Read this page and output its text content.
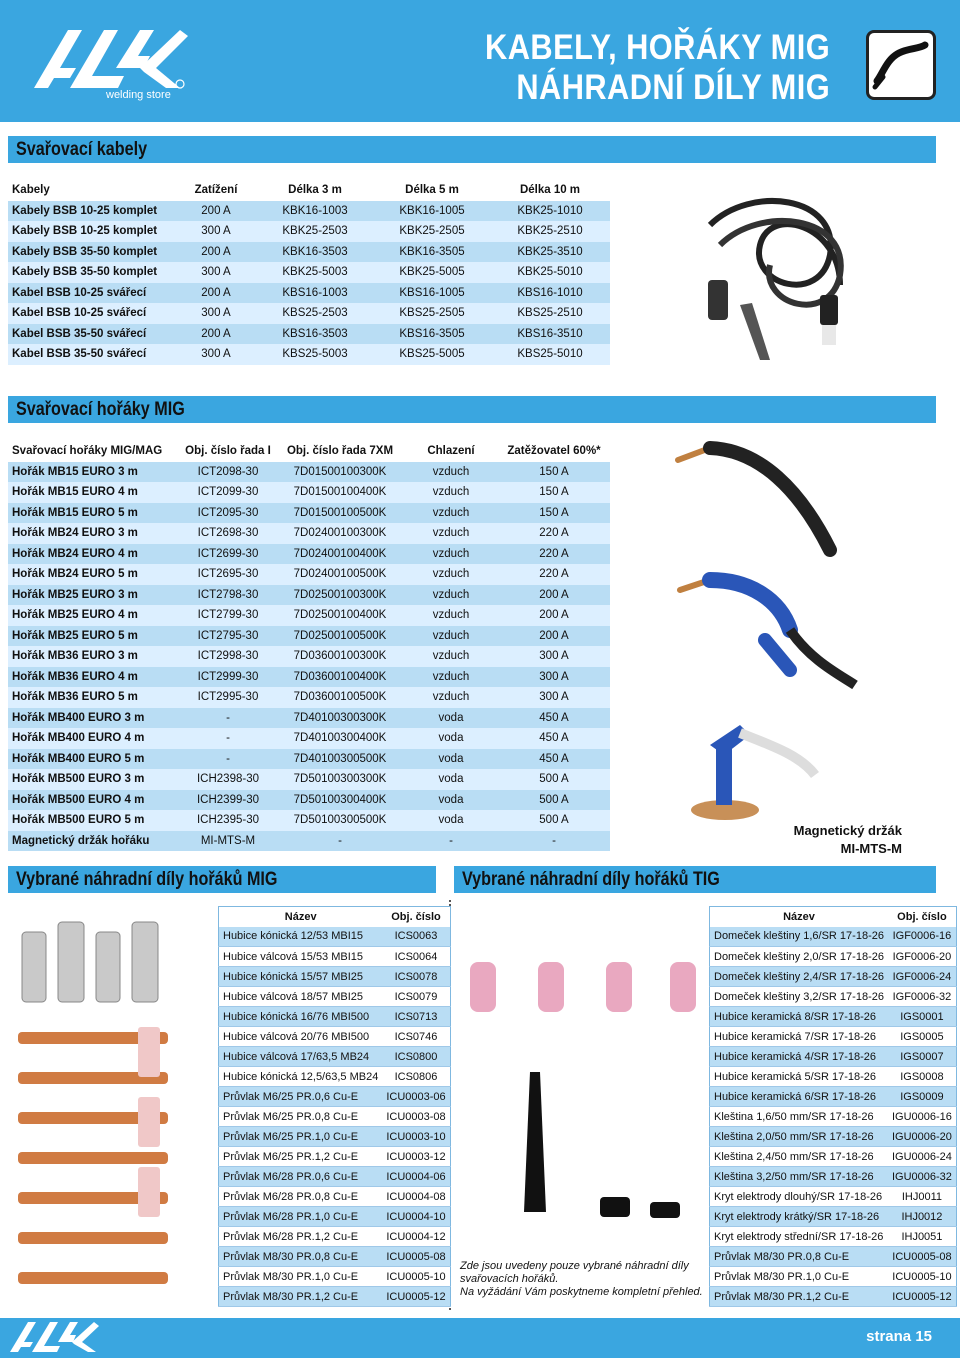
welding store
KABELY, HOŘÁKY MIG
NÁHRADNÍ DÍLY MIG
Svařovací kabely
Kabely	Zatížení	Délka 3 m	Délka 5 m	Délka 10 m
Kabely BSB 10-25 komplet	200 A	KBK16-1003	KBK16-1005	KBK25-1010
Kabely BSB 10-25 komplet	300 A	KBK25-2503	KBK25-2505	KBK25-2510
Kabely BSB 35-50 komplet	200 A	KBK16-3503	KBK16-3505	KBK25-3510
Kabely BSB 35-50 komplet	300 A	KBK25-5003	KBK25-5005	KBK25-5010
Kabel BSB 10-25 svářecí	200 A	KBS16-1003	KBS16-1005	KBS16-1010
Kabel BSB 10-25 svářecí	300 A	KBS25-2503	KBS25-2505	KBS25-2510
Kabel BSB 35-50 svářecí	200 A	KBS16-3503	KBS16-3505	KBS16-3510
Kabel BSB 35-50 svářecí	300 A	KBS25-5003	KBS25-5005	KBS25-5010
Svařovací hořáky MIG
Svařovací hořáky MIG/MAG	Obj. číslo řada I	Obj. číslo řada 7XM	Chlazení	Zatěžovatel 60%*
Hořák MB15 EURO 3 m	ICT2098-30	7D01500100300K	vzduch	150 A
Hořák MB15 EURO 4 m	ICT2099-30	7D01500100400K	vzduch	150 A
Hořák MB15 EURO 5 m	ICT2095-30	7D01500100500K	vzduch	150 A
Hořák MB24 EURO 3 m	ICT2698-30	7D02400100300K	vzduch	220 A
Hořák MB24 EURO 4 m	ICT2699-30	7D02400100400K	vzduch	220 A
Hořák MB24 EURO 5 m	ICT2695-30	7D02400100500K	vzduch	220 A
Hořák MB25 EURO 3 m	ICT2798-30	7D02500100300K	vzduch	200 A
Hořák MB25 EURO 4 m	ICT2799-30	7D02500100400K	vzduch	200 A
Hořák MB25 EURO 5 m	ICT2795-30	7D02500100500K	vzduch	200 A
Hořák MB36 EURO 3 m	ICT2998-30	7D03600100300K	vzduch	300 A
Hořák MB36 EURO 4 m	ICT2999-30	7D03600100400K	vzduch	300 A
Hořák MB36 EURO 5 m	ICT2995-30	7D03600100500K	vzduch	300 A
Hořák MB400 EURO 3 m	-	7D40100300300K	voda	450 A
Hořák MB400 EURO 4 m	-	7D40100300400K	voda	450 A
Hořák MB400 EURO 5 m	-	7D40100300500K	voda	450 A
Hořák MB500 EURO 3 m	ICH2398-30	7D50100300300K	voda	500 A
Hořák MB500 EURO 4 m	ICH2399-30	7D50100300400K	voda	500 A
Hořák MB500 EURO 5 m	ICH2395-30	7D50100300500K	voda	500 A
Magnetický držák hořáku	MI-MTS-M	-	-	-
Magnetický držák
MI-MTS-M
Vybrané náhradní díly hořáků MIG	Vybrané náhradní díly hořáků TIG
Název	Obj. číslo
Hubice kónická 12/53 MBI15	ICS0063
Hubice válcová 15/53 MBI15	ICS0064
Hubice kónická 15/57 MBI25	ICS0078
Hubice válcová 18/57 MBI25	ICS0079
Hubice kónická 16/76 MBI500	ICS0713
Hubice válcová 20/76 MBI500	ICS0746
Hubice válcová 17/63,5 MB24	ICS0800
Hubice kónická 12,5/63,5 MB24	ICS0806
Průvlak M6/25 PR.0,6 Cu-E	ICU0003-06
Průvlak M6/25 PR.0,8 Cu-E	ICU0003-08
Průvlak M6/25 PR.1,0 Cu-E	ICU0003-10
Průvlak M6/25 PR.1,2 Cu-E	ICU0003-12
Průvlak M6/28 PR.0,6 Cu-E	ICU0004-06
Průvlak M6/28 PR.0,8 Cu-E	ICU0004-08
Průvlak M6/28 PR.1,0 Cu-E	ICU0004-10
Průvlak M6/28 PR.1,2 Cu-E	ICU0004-12
Průvlak M8/30 PR.0,8 Cu-E	ICU0005-08
Průvlak M8/30 PR.1,0 Cu-E	ICU0005-10
Průvlak M8/30 PR.1,2 Cu-E	ICU0005-12
Zde jsou uvedeny pouze vybrané náhradní díly
svařovacích hořáků.
Na vyžádání Vám poskytneme kompletní přehled.
Název	Obj. číslo
Domeček kleštiny 1,6/SR 17-18-26	IGF0006-16
Domeček kleštiny 2,0/SR 17-18-26	IGF0006-20
Domeček kleštiny 2,4/SR 17-18-26	IGF0006-24
Domeček kleštiny 3,2/SR 17-18-26	IGF0006-32
Hubice keramická 8/SR 17-18-26	IGS0001
Hubice keramická 7/SR 17-18-26	IGS0005
Hubice keramická 4/SR 17-18-26	IGS0007
Hubice keramická 5/SR 17-18-26	IGS0008
Hubice keramická 6/SR 17-18-26	IGS0009
Kleština 1,6/50 mm/SR 17-18-26	IGU0006-16
Kleština 2,0/50 mm/SR 17-18-26	IGU0006-20
Kleština 2,4/50 mm/SR 17-18-26	IGU0006-24
Kleština 3,2/50 mm/SR 17-18-26	IGU0006-32
Kryt elektrody dlouhý/SR 17-18-26	IHJ0011
Kryt elektrody krátký/SR 17-18-26	IHJ0012
Kryt elektrody střední/SR 17-18-26	IHJ0051
Průvlak M8/30 PR.0,8 Cu-E	ICU0005-08
Průvlak M8/30 PR.1,0 Cu-E	ICU0005-10
Průvlak M8/30 PR.1,2 Cu-E	ICU0005-12
strana 15
